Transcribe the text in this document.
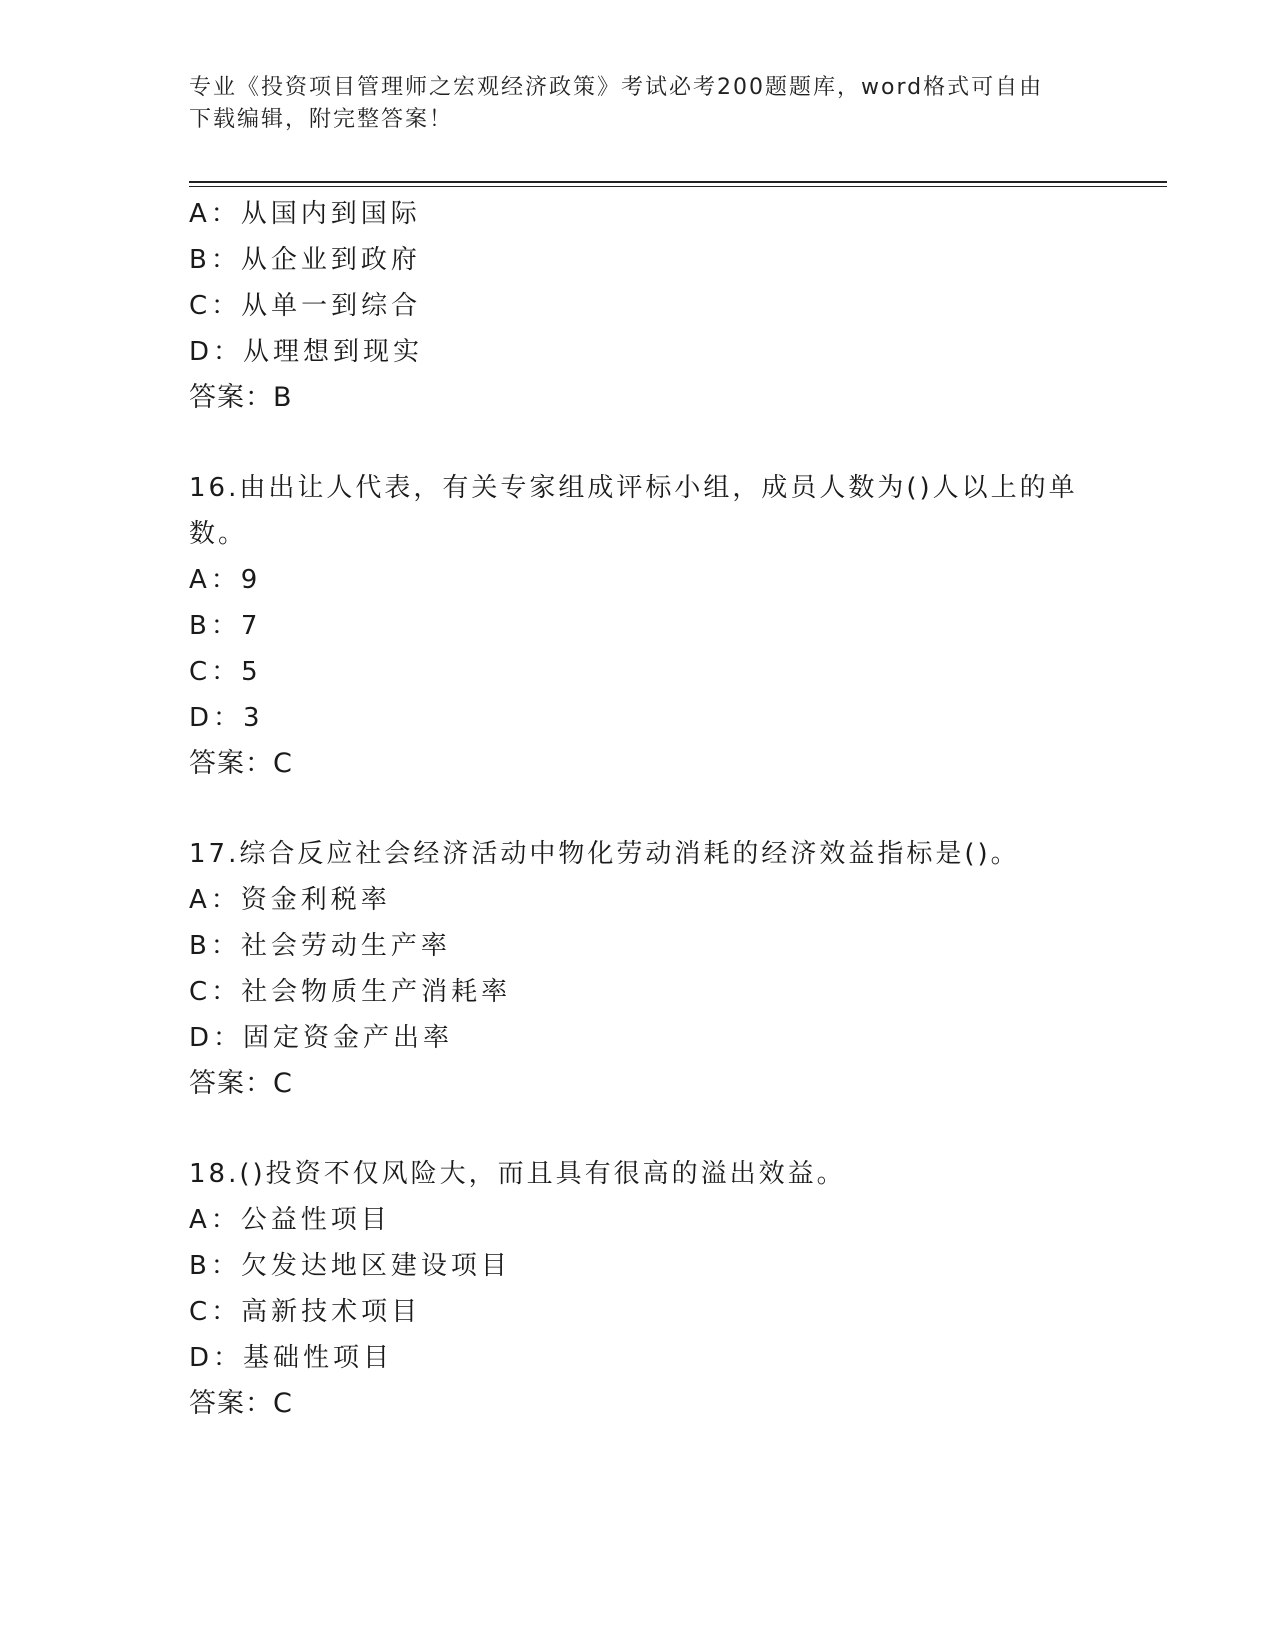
专业《投资项目管理师之宏观经济政策》考试必考200题题库，word格式可自由
下载编辑，附完整答案！
A：从国内到国际
B：从企业到政府
C：从单一到综合
D：从理想到现实
答案：B
16.由出让人代表，有关专家组成评标小组，成员人数为()人以上的单
数。
A：9
B：7
C：5
D：3
答案：C
17.综合反应社会经济活动中物化劳动消耗的经济效益指标是()。
A：资金利税率
B：社会劳动生产率
C：社会物质生产消耗率
D：固定资金产出率
答案：C
18.()投资不仅风险大，而且具有很高的溢出效益。
A：公益性项目
B：欠发达地区建设项目
C：高新技术项目
D：基础性项目
答案：C
